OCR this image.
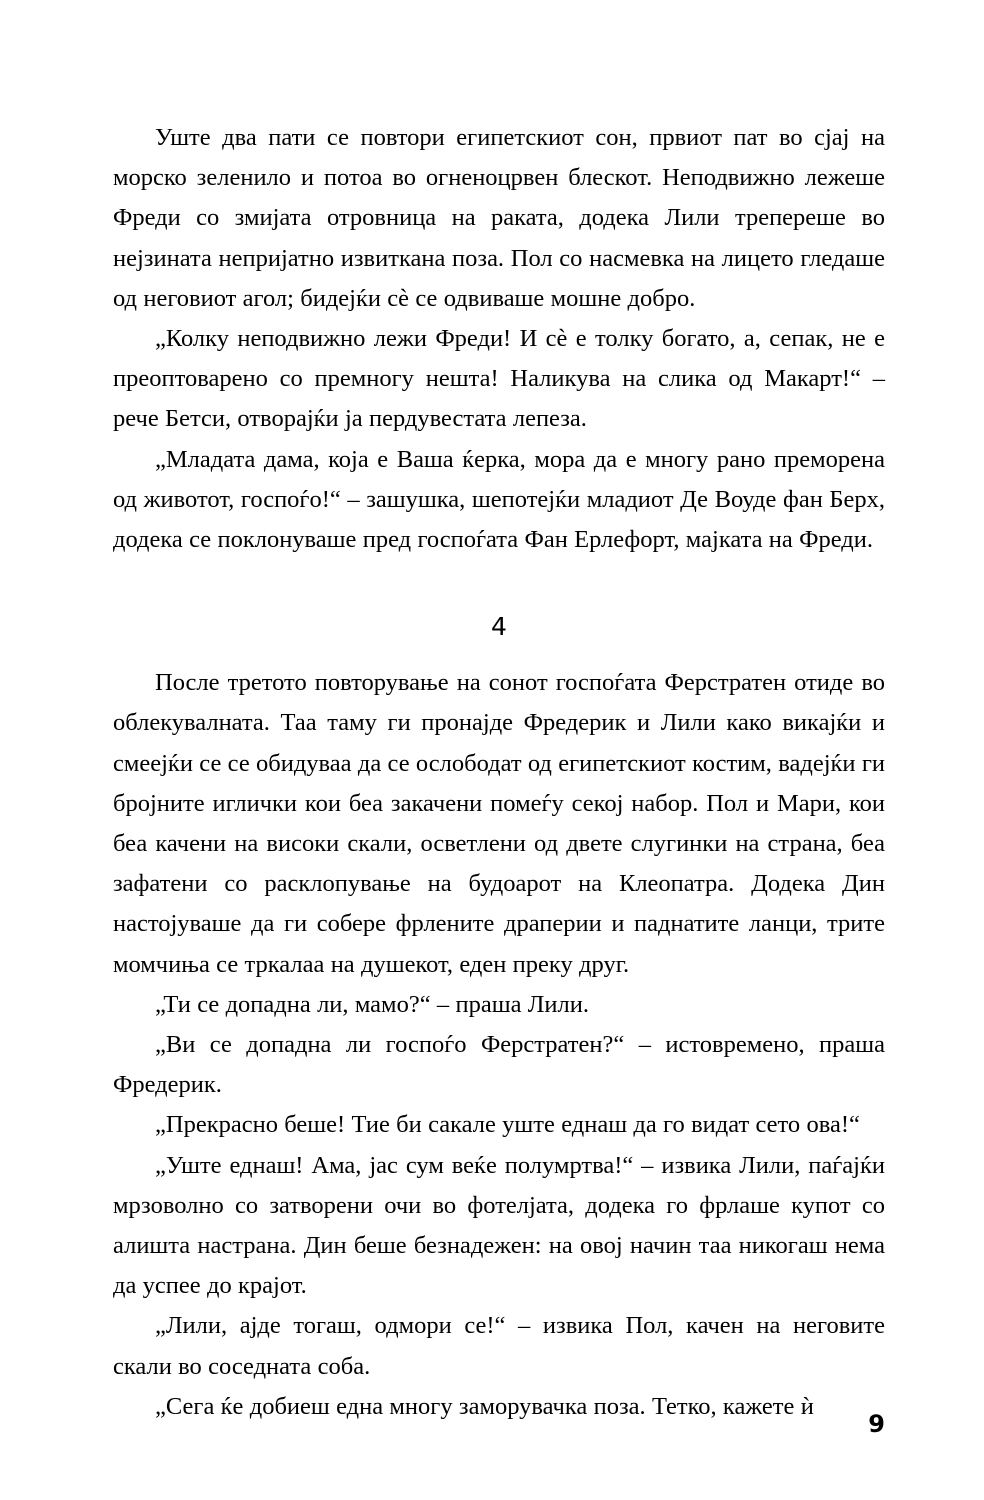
Уште два пати се повтори египетскиот сон, првиот пат во сјај на морско зеленило и потоа во огненоцрвен блескот. Неподвижно лежеше Фреди со змијата отровница на раката, додека Лили трепереше во нејзината непријатно извиткана поза. Пол со насмевка на лицето гледаше од неговиот агол; бидејќи сѐ се одвиваше мошне добро.

„Колку неподвижно лежи Фреди! И сѐ е толку богато, а, сепак, не е преоптоварено со премногу нешта! Наликува на слика од Макарт!“ – рече Бетси, отворајќи ја пердувестата лепеза.

„Младата дама, која е Ваша ќерка, мора да е многу рано преморена од животот, госпоѓо!“ – зашушка, шепотејќи младиот Де Воуде фан Берх, додека се поклонуваше пред госпоѓата Фан Ерлефорт, мајката на Фреди.

4

После третото повторување на сонот госпоѓата Ферстратен отиде во облекувалната. Таа таму ги пронајде Фредерик и Лили како викајќи и смеејќи се се обидуваа да се ослободат од египетскиот костим, вадејќи ги бројните иглички кои беа закачени помеѓу секој набор. Пол и Мари, кои беа качени на високи скали, осветлени од двете слугинки на страна, беа зафатени со расклопување на будоарот на Клеопатра. Додека Дин настојуваше да ги собере фрлените драперии и паднатите ланци, трите момчиња се тркалаа на душекот, еден преку друг.

„Ти се допадна ли, мамо?“ – праша Лили.

„Ви се допадна ли госпоѓо Ферстратен?“ – истовремено, праша Фредерик.

„Прекрасно беше! Тие би сакале уште еднаш да го видат сето ова!“

„Уште еднаш! Ама, јас сум веќе полумртва!“ – извика Лили, паѓајќи мрзоволно со затворени очи во фотелјата, додека го фрлаше купот со алишта настрана. Дин беше безнадежен: на овој начин таа никогаш нема да успее до крајот.

„Лили, ајде тогаш, одмори се!“ – извика Пол, качен на неговите скали во соседната соба.

„Сега ќе добиеш една многу заморувачка поза. Тетко, кажете ѝ

9
